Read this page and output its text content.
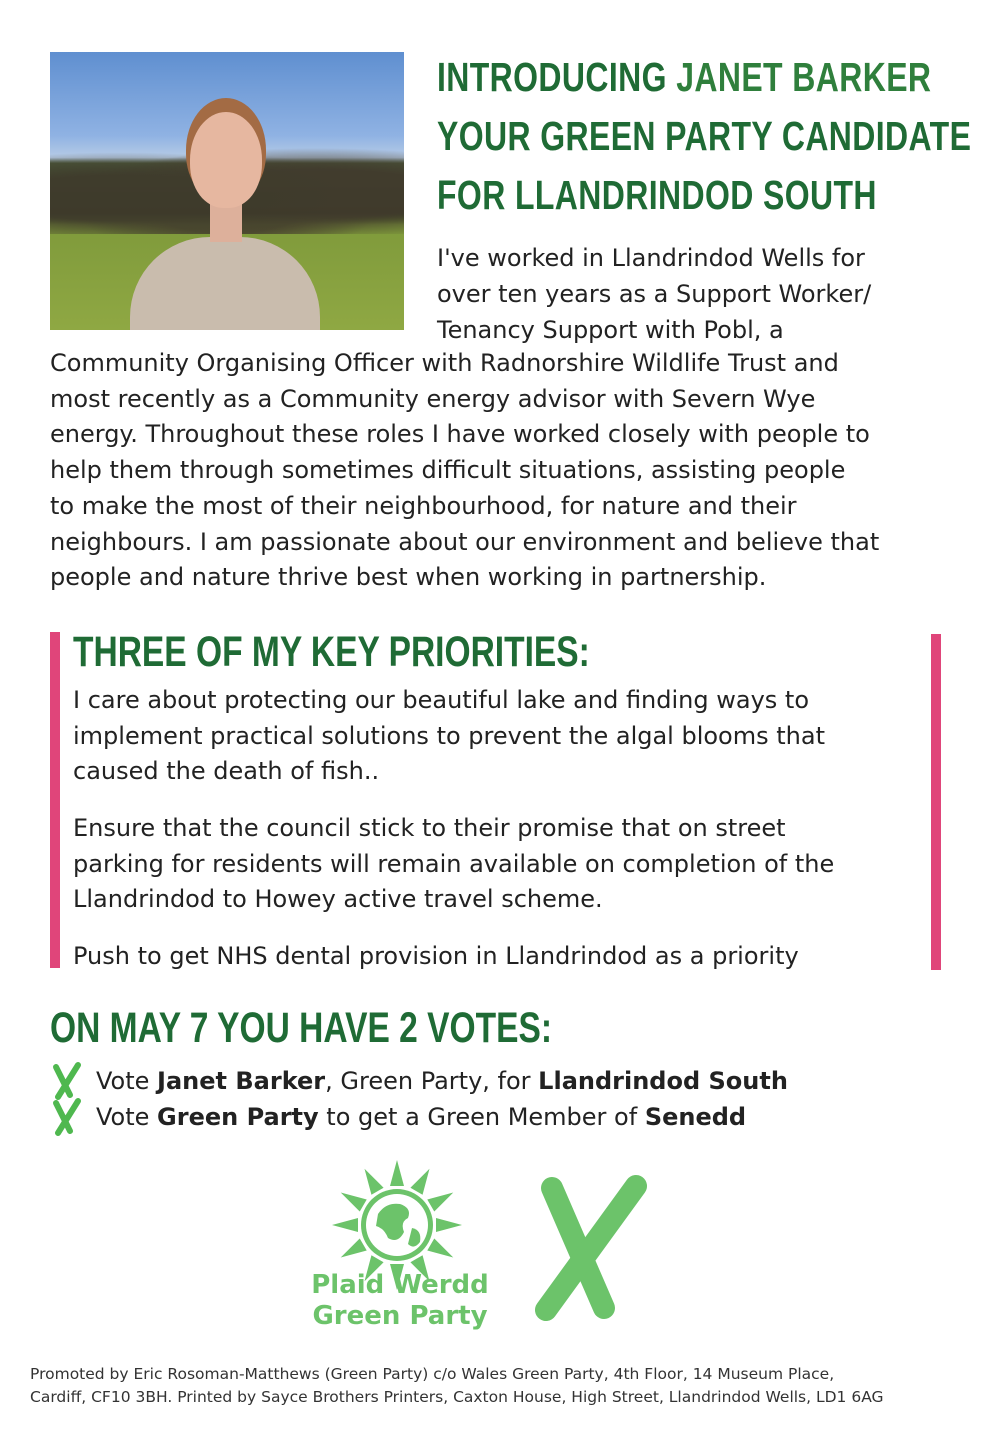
INTRODUCING JANET BARKER
YOUR GREEN PARTY CANDIDATE
FOR LLANDRINDOD SOUTH

I've worked in Llandrindod Wells for
over ten years as a Support Worker/
Tenancy Support with Pobl, a

Community Organising Officer with Radnorshire Wildlife Trust and
most recently as a Community energy advisor with Severn Wye
energy. Throughout these roles I have worked closely with people to
help them through sometimes difficult situations, assisting people
to make the most of their neighbourhood, for nature and their
neighbours. I am passionate about our environment and believe that
people and nature thrive best when working in partnership.

THREE OF MY KEY PRIORITIES:

I care about protecting our beautiful lake and finding ways to
implement practical solutions to prevent the algal blooms that
caused the death of fish..

Ensure that the council stick to their promise that on street
parking for residents will remain available on completion of the
Llandrindod to Howey active travel scheme.

Push to get NHS dental provision in Llandrindod as a priority

ON MAY 7 YOU HAVE 2 VOTES:
Vote Janet Barker, Green Party, for Llandrindod South
Vote Green Party to get a Green Member of Senedd
Plaid Werdd
Green Party

Promoted by Eric Rosoman-Matthews (Green Party) c/o Wales Green Party, 4th Floor, 14 Museum Place,
Cardiff, CF10 3BH. Printed by Sayce Brothers Printers, Caxton House, High Street, Llandrindod Wells, LD1 6AG
